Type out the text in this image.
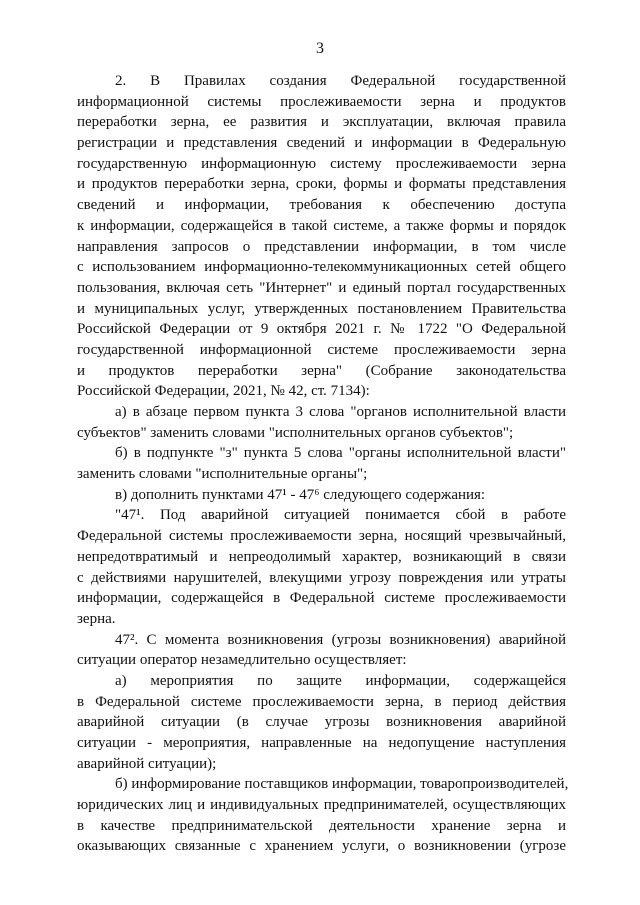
3
2. В Правилах создания Федеральной государственной
информационной системы прослеживаемости зерна и продуктов
переработки зерна, ее развития и эксплуатации, включая правила
регистрации и представления сведений и информации в Федеральную
государственную информационную систему прослеживаемости зерна
и продуктов переработки зерна, сроки, формы и форматы представления
сведений и информации, требования к обеспечению доступа
к информации, содержащейся в такой системе, а также формы и порядок
направления запросов о представлении информации, в том числе
с использованием информационно-телекоммуникационных сетей общего
пользования, включая сеть "Интернет" и единый портал государственных
и муниципальных услуг, утвержденных постановлением Правительства
Российской Федерации от 9 октября 2021 г. № 1722 "О Федеральной
государственной информационной системе прослеживаемости зерна
и продуктов переработки зерна" (Собрание законодательства
Российской Федерации, 2021, № 42, ст. 7134):
а) в абзаце первом пункта 3 слова "органов исполнительной власти
субъектов" заменить словами "исполнительных органов субъектов";
б) в подпункте "з" пункта 5 слова "органы исполнительной власти"
заменить словами "исполнительные органы";
в) дополнить пунктами 47¹ - 47⁶ следующего содержания:
"47¹. Под аварийной ситуацией понимается сбой в работе
Федеральной системы прослеживаемости зерна, носящий чрезвычайный,
непредотвратимый и непреодолимый характер, возникающий в связи
с действиями нарушителей, влекущими угрозу повреждения или утраты
информации, содержащейся в Федеральной системе прослеживаемости
зерна.
47². С момента возникновения (угрозы возникновения) аварийной
ситуации оператор незамедлительно осуществляет:
а) мероприятия по защите информации, содержащейся
в Федеральной системе прослеживаемости зерна, в период действия
аварийной ситуации (в случае угрозы возникновения аварийной
ситуации - мероприятия, направленные на недопущение наступления
аварийной ситуации);
б) информирование поставщиков информации, товаропроизводителей,
юридических лиц и индивидуальных предпринимателей, осуществляющих
в качестве предпринимательской деятельности хранение зерна и
оказывающих связанные с хранением услуги, о возникновении (угрозе
